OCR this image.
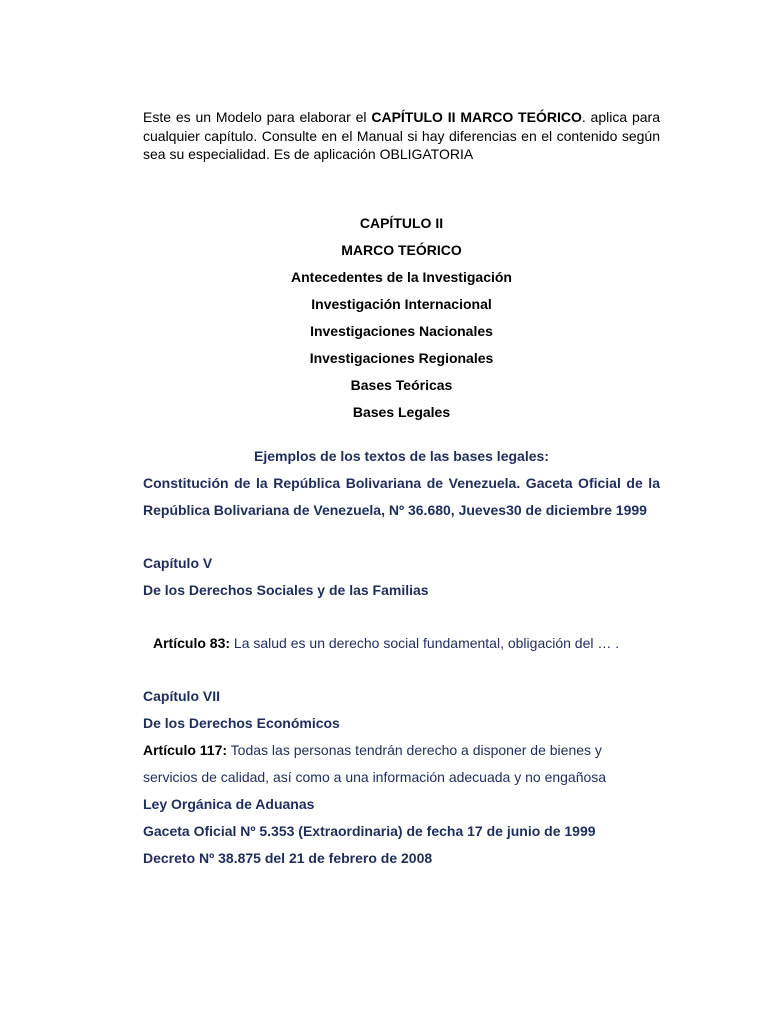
Este es un Modelo para elaborar el CAPÍTULO II MARCO TEÓRICO. aplica para cualquier capítulo. Consulte en el Manual si hay diferencias en el contenido según sea su especialidad. Es de aplicación OBLIGATORIA

CAPÍTULO II
MARCO TEÓRICO
Antecedentes de la Investigación
Investigación Internacional
Investigaciones Nacionales
Investigaciones Regionales
Bases Teóricas
Bases Legales
Ejemplos de los textos de las bases legales:

Constitución de la República Bolivariana de Venezuela. Gaceta Oficial de la República Bolivariana de Venezuela, Nº 36.680, Jueves30 de diciembre 1999

Capítulo V
De los Derechos Sociales y de las Familias
Artículo 83: La salud es un derecho social fundamental, obligación del … .
Capítulo VII
De los Derechos Económicos
Artículo 117: Todas las personas tendrán derecho a disponer de bienes y servicios de calidad, así como a una información adecuada y no engañosa
Ley Orgánica de Aduanas
Gaceta Oficial Nº 5.353 (Extraordinaria) de fecha 17 de junio de 1999
Decreto Nº 38.875 del 21 de febrero de 2008
